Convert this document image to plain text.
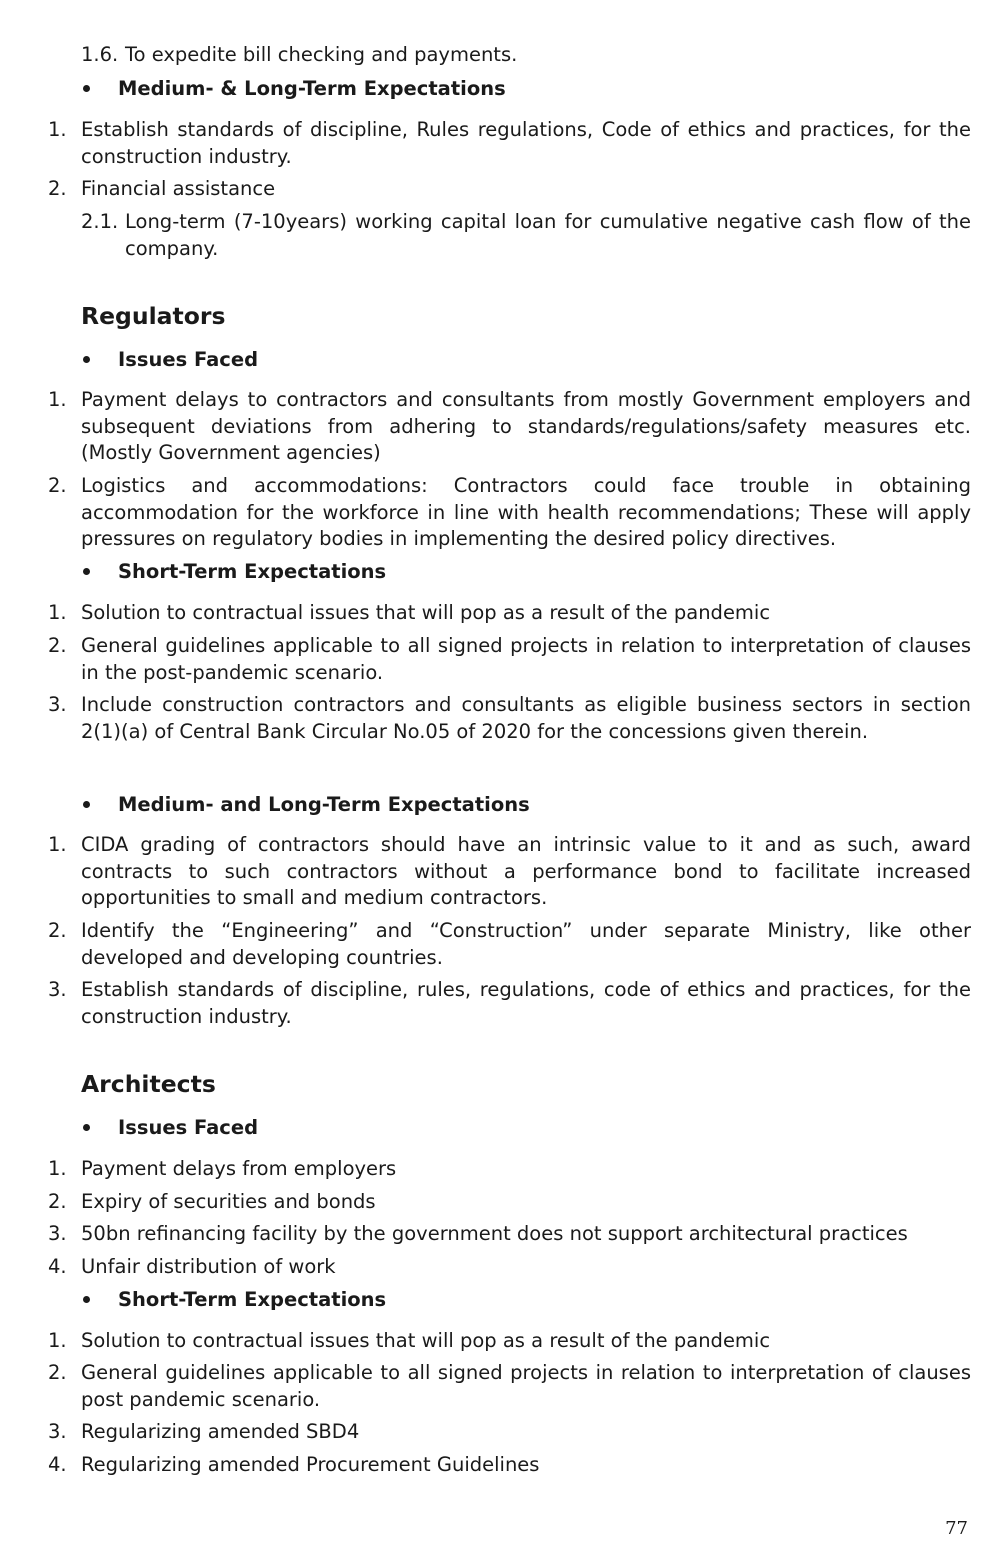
1.6. To expedite bill checking and payments.
Medium- & Long-Term Expectations
1. Establish standards of discipline, Rules regulations, Code of ethics and practices, for the construction industry.
2. Financial assistance
2.1. Long-term (7-10years) working capital loan for cumulative negative cash flow of the company.
Regulators
Issues Faced
1. Payment delays to contractors and consultants from mostly Government employers and subsequent deviations from adhering to standards/regulations/safety measures etc. (Mostly Government agencies)
2. Logistics and accommodations: Contractors could face trouble in obtaining accommodation for the workforce in line with health recommendations; These will apply pressures on regulatory bodies in implementing the desired policy directives.
Short-Term Expectations
1. Solution to contractual issues that will pop as a result of the pandemic
2. General guidelines applicable to all signed projects in relation to interpretation of clauses in the post-pandemic scenario.
3. Include construction contractors and consultants as eligible business sectors in section 2(1)(a) of Central Bank Circular No.05 of 2020 for the concessions given therein.
Medium- and Long-Term Expectations
1. CIDA grading of contractors should have an intrinsic value to it and as such, award contracts to such contractors without a performance bond to facilitate increased opportunities to small and medium contractors.
2. Identify the “Engineering” and “Construction” under separate Ministry, like other developed and developing countries.
3. Establish standards of discipline, rules, regulations, code of ethics and practices, for the construction industry.
Architects
Issues Faced
1. Payment delays from employers
2. Expiry of securities and bonds
3. 50bn refinancing facility by the government does not support architectural practices
4. Unfair distribution of work
Short-Term Expectations
1. Solution to contractual issues that will pop as a result of the pandemic
2. General guidelines applicable to all signed projects in relation to interpretation of clauses post pandemic scenario.
3. Regularizing amended SBD4
4. Regularizing amended Procurement Guidelines
77
